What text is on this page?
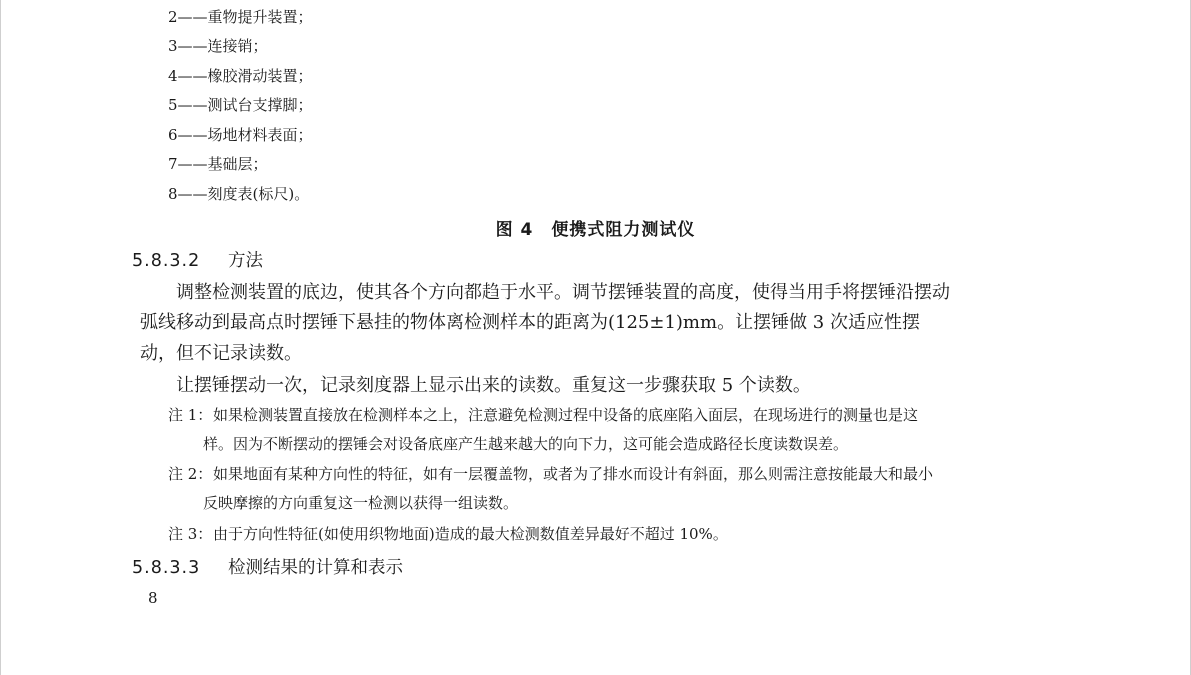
2——重物提升装置；
3——连接销；
4——橡胶滑动装置；
5——测试台支撑脚；
6——场地材料表面；
7——基础层；
8——刻度表(标尺)。
图 4　便携式阻力测试仪
5.8.3.2 方法
调整检测装置的底边，使其各个方向都趋于水平。调节摆锤装置的高度，使得当用手将摆锤沿摆动
弧线移动到最高点时摆锤下悬挂的物体离检测样本的距离为(125±1)mm。让摆锤做 3 次适应性摆
动，但不记录读数。
让摆锤摆动一次，记录刻度器上显示出来的读数。重复这一步骤获取 5 个读数。
注 1： 如果检测装置直接放在检测样本之上，注意避免检测过程中设备的底座陷入面层，在现场进行的测量也是这
样。因为不断摆动的摆锤会对设备底座产生越来越大的向下力，这可能会造成路径长度读数误差。
注 2： 如果地面有某种方向性的特征，如有一层覆盖物，或者为了排水而设计有斜面，那么则需注意按能最大和最小
反映摩擦的方向重复这一检测以获得一组读数。
注 3： 由于方向性特征(如使用织物地面)造成的最大检测数值差异最好不超过 10%。
5.8.3.3 检测结果的计算和表示
8
